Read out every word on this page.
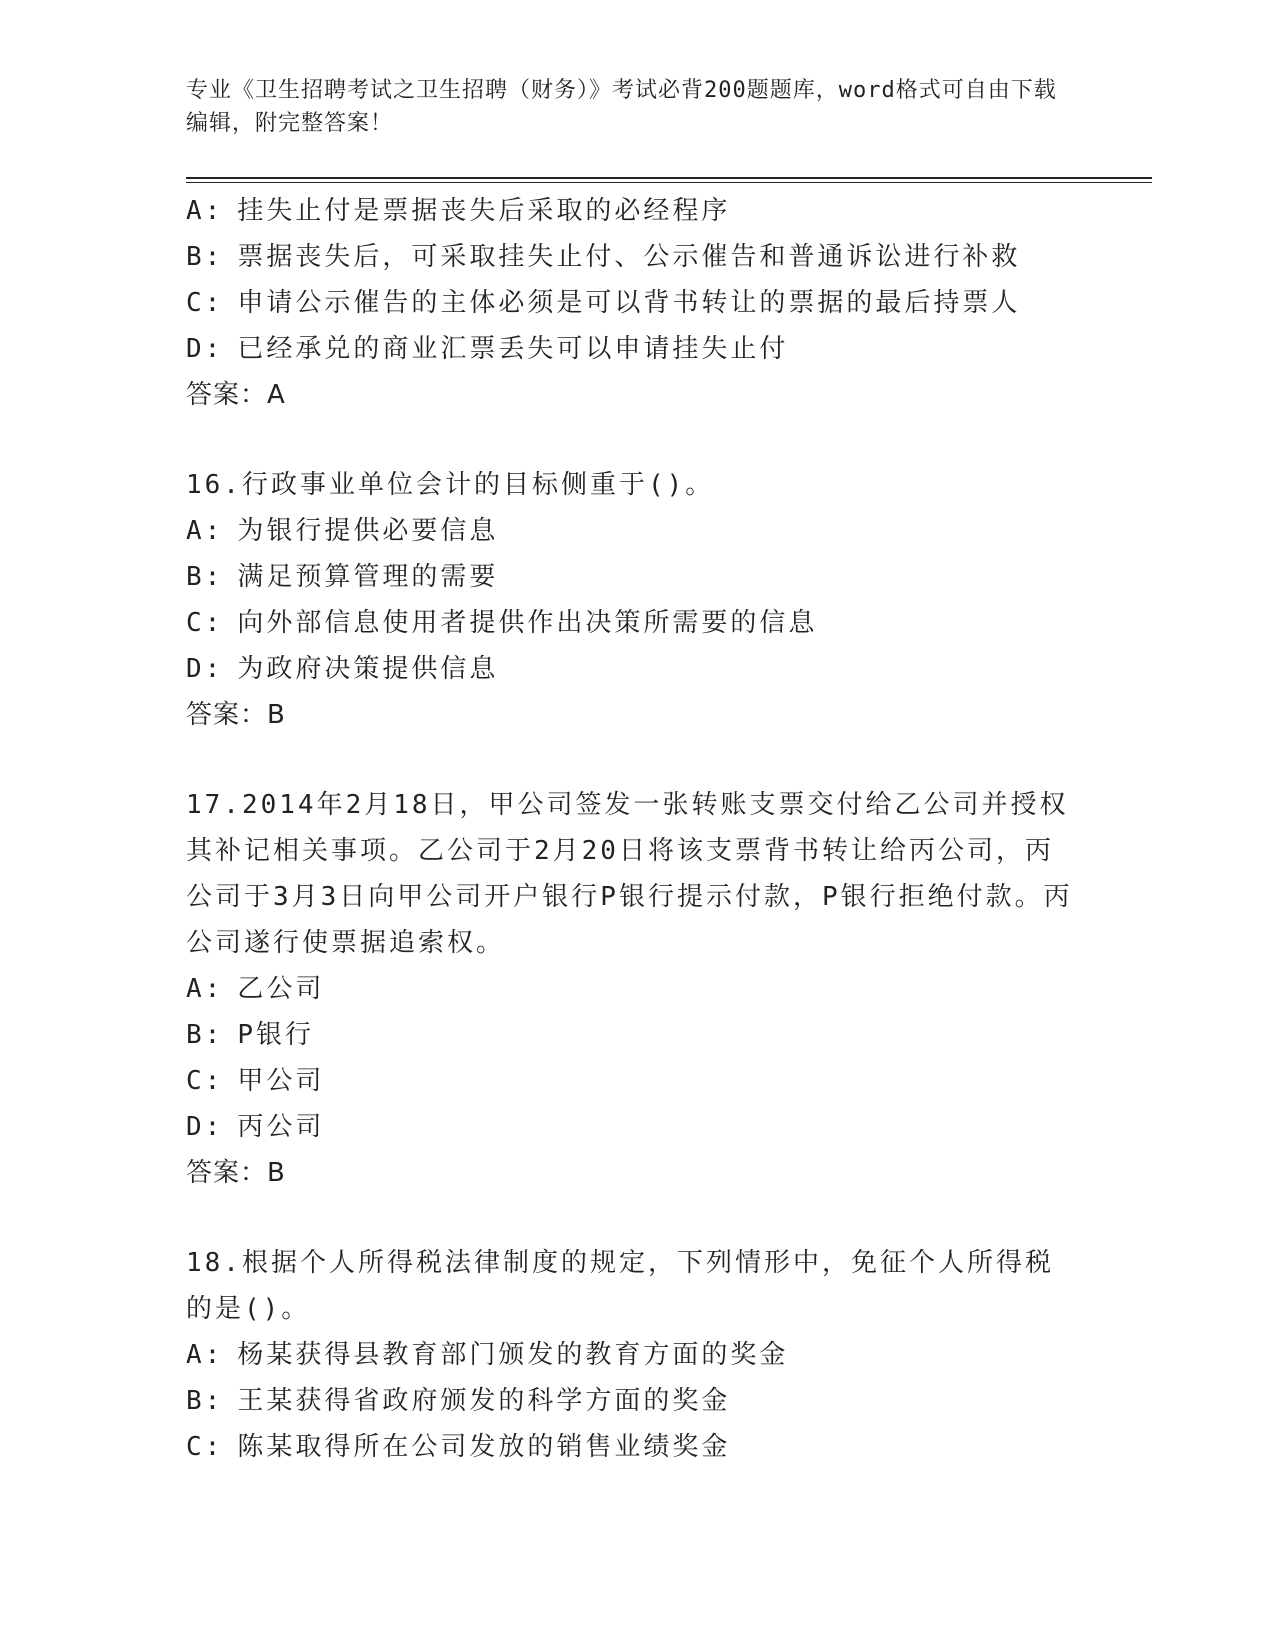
专业《卫生招聘考试之卫生招聘（财务）》考试必背200题题库，word格式可自由下载编辑，附完整答案！
A: 挂失止付是票据丧失后采取的必经程序
B: 票据丧失后，可采取挂失止付、公示催告和普通诉讼进行补救
C: 申请公示催告的主体必须是可以背书转让的票据的最后持票人
D: 已经承兑的商业汇票丢失可以申请挂失止付
答案：A
16.行政事业单位会计的目标侧重于()。
A: 为银行提供必要信息
B: 满足预算管理的需要
C: 向外部信息使用者提供作出决策所需要的信息
D: 为政府决策提供信息
答案：B
17.2014年2月18日，甲公司签发一张转账支票交付给乙公司并授权其补记相关事项。乙公司于2月20日将该支票背书转让给丙公司，丙公司于3月3日向甲公司开户银行P银行提示付款，P银行拒绝付款。丙公司遂行使票据追索权。
A: 乙公司
B: P银行
C: 甲公司
D: 丙公司
答案：B
18.根据个人所得税法律制度的规定，下列情形中，免征个人所得税的是()。
A: 杨某获得县教育部门颁发的教育方面的奖金
B: 王某获得省政府颁发的科学方面的奖金
C: 陈某取得所在公司发放的销售业绩奖金
